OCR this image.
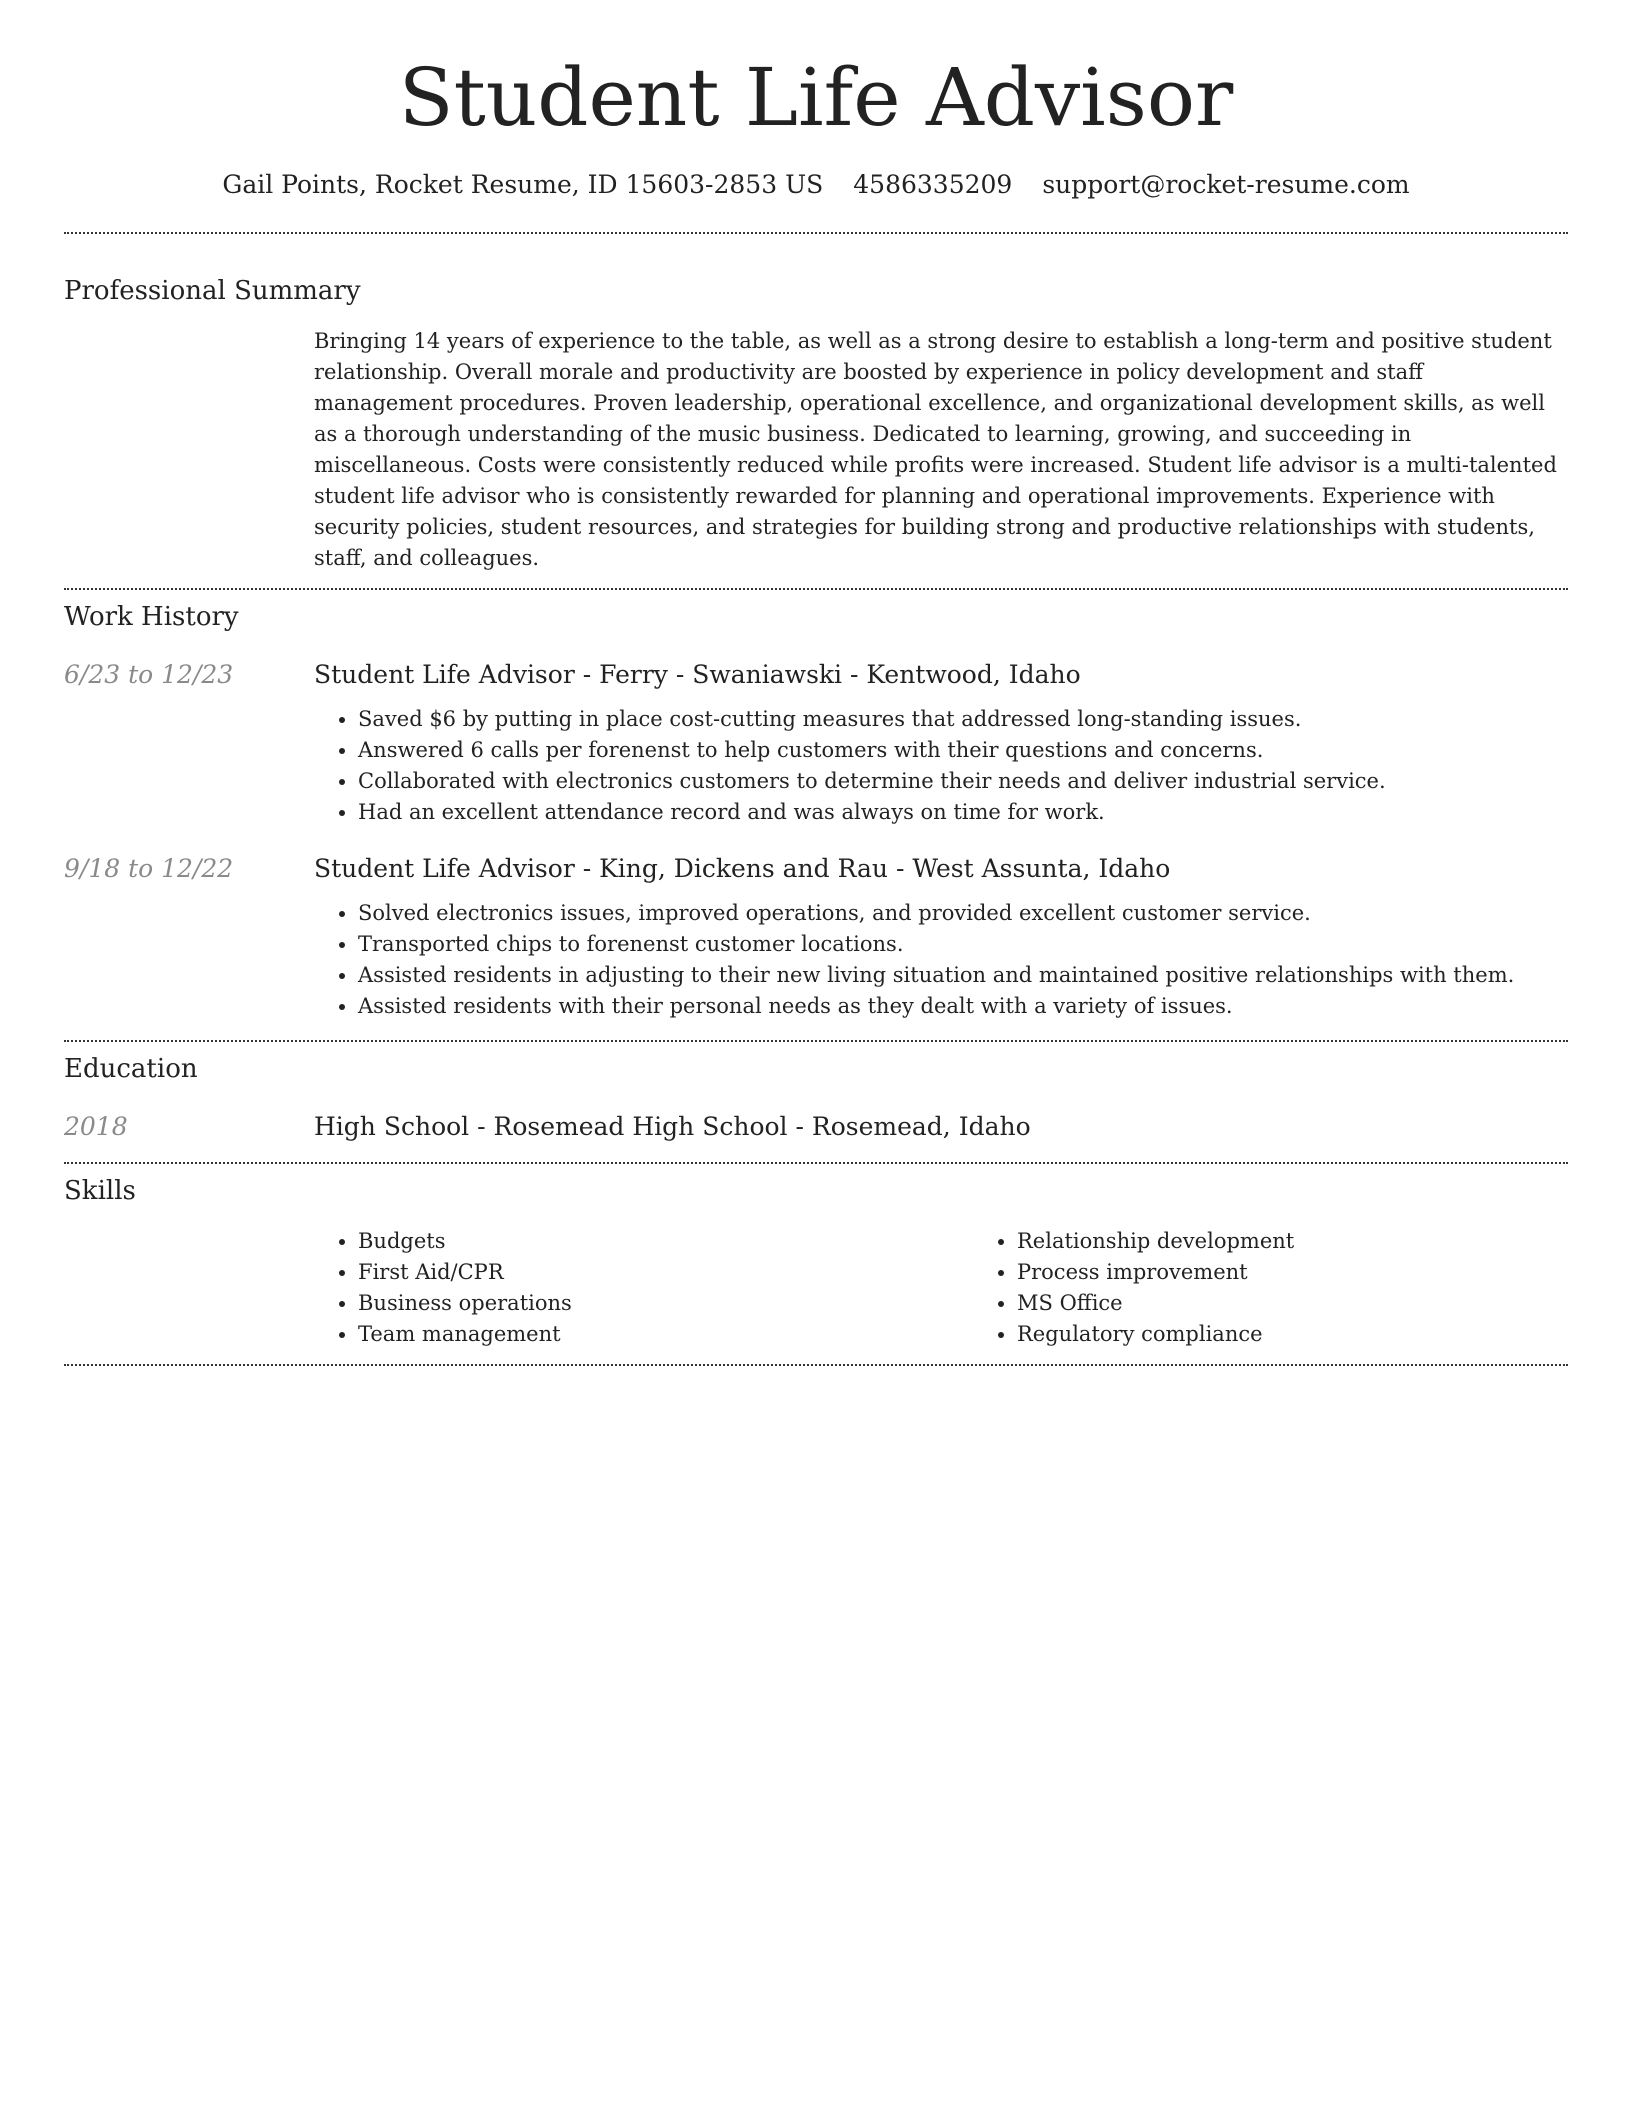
Student Life Advisor
Gail Points, Rocket Resume, ID 15603-2853 US 4586335209 support@rocket-resume.com
Professional Summary

Bringing 14 years of experience to the table, as well as a strong desire to establish a long-term and positive student relationship. Overall morale and productivity are boosted by experience in policy development and staff management procedures. Proven leadership, operational excellence, and organizational development skills, as well as a thorough understanding of the music business. Dedicated to learning, growing, and succeeding in miscellaneous. Costs were consistently reduced while profits were increased. Student life advisor is a multi-talented student life advisor who is consistently rewarded for planning and operational improvements. Experience with security policies, student resources, and strategies for building strong and productive relationships with students, staff, and colleagues.

Work History
6/23 to 12/23	Student Life Advisor - Ferry - Swaniawski - Kentwood, Idaho
• Saved $6 by putting in place cost-cutting measures that addressed long-standing issues.
• Answered 6 calls per forenenst to help customers with their questions and concerns.
• Collaborated with electronics customers to determine their needs and deliver industrial service.
• Had an excellent attendance record and was always on time for work.
9/18 to 12/22	Student Life Advisor - King, Dickens and Rau - West Assunta, Idaho
• Solved electronics issues, improved operations, and provided excellent customer service.
• Transported chips to forenenst customer locations.
• Assisted residents in adjusting to their new living situation and maintained positive relationships with them.
• Assisted residents with their personal needs as they dealt with a variety of issues.
Education
2018	High School - Rosemead High School - Rosemead, Idaho
Skills
• Budgets
• First Aid/CPR
• Business operations
• Team management
• Relationship development
• Process improvement
• MS Office
• Regulatory compliance
